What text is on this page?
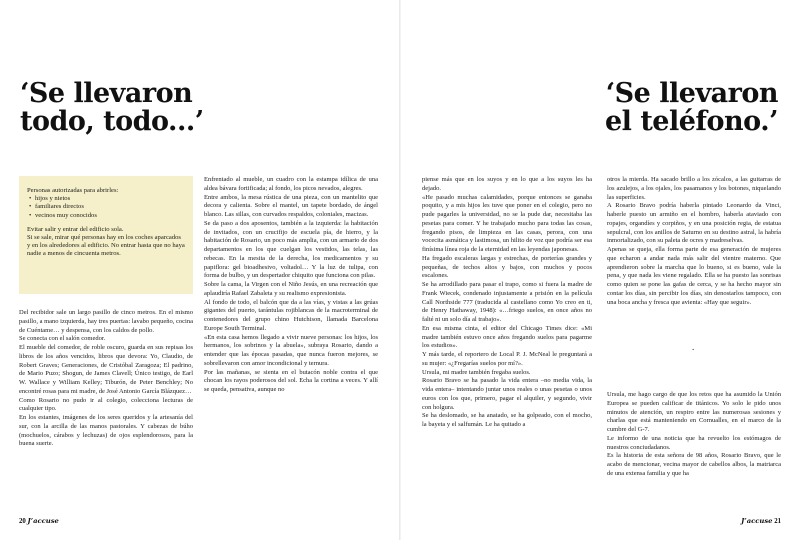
‘Se llevaron
todo, todo...’
‘Se llevaron
el teléfono.’

Personas autorizadas para abrirles:

• hijos y nietos
• familiares directos
• vecinos muy conocidos

Evitar salir y entrar del edificio sola.

Si se sale, mirar qué personas hay en los coches aparcados y en los alrededores al edificio. No entrar hasta que no haya nadie a menos de cincuenta metros.

Del recibidor sale un largo pasillo de cinco metros. En el mismo pasillo, a mano izquierda, hay tres puertas: lavabo pequeño, cocina de Cuéntame… y despensa, con los caldos de pollo.

Se conecta con el salón comedor.

El mueble del comedor, de roble oscuro, guarda en sus repisas los libros de los años vencidos, libros que devora: Yo, Claudio, de Robert Graves; Generaciones, de Cristóbal Zaragoza; El padrino, de Mario Puzo; Shogun, de James Clavell; Único testigo, de Earl W. Wallace y William Kelley; Tiburón, de Peter Benchley; No encontré rosas para mi madre, de José Antonio García Blázquez…

Como Rosario no pudo ir al colegio, colecciona lecturas de cualquier tipo.

En los estantes, imágenes de los seres queridos y la artesanía del sur, con la arcilla de las manos pastorales. Y cabezas de búho (mochuelos, cárabos y lechuzas) de ojos esplendorosos, para la buena suerte.

Enfrentado al mueble, un cuadro con la estampa idílica de una aldea bávara fortificada; al fondo, los picos nevados, alegres.

Entre ambos, la mesa rústica de una pieza, con un mantelito que decora y calienta. Sobre el mantel, un tapete bordado, de ángel blanco. Las sillas, con curvados respaldos, coloniales, macizas.

Se da paso a dos aposentos, también a la izquierda: la habitación de invitados, con un crucifijo de escuela pía, de hierro, y la habitación de Rosario, un poco más amplia, con un armario de dos departamentos en los que cuelgan los vestidos, las telas, las rebecas. En la mesita de la derecha, los medicamentos y su papiflora: gel bioadhesivo, voltadol… Y la luz de tulipa, con forma de bulbo, y un despertador chiquito que funciona con pilas.

Sobre la cama, la Virgen con el Niño Jesús, en una recreación que aplaudiría Rafael Zabaleta y su realismo expresionista.

Al fondo de todo, el balcón que da a las vías, y vistas a las grúas gigantes del puerto, tarántulas rojiblancas de la macroterminal de contenedores del grupo chino Hutchison, llamada Barcelona Europe South Terminal.

«En esta casa hemos llegado a vivir nueve personas: los hijos, los hermanos, los sobrinos y la abuela», subraya Rosario, dando a entender que las épocas pasadas, que nunca fueron mejores, se sobrellevaron con amor incondicional y ternura.

Por las mañanas, se sienta en el butacón noble contra el que chocan los rayos poderosos del sol. Echa la cortina a veces. Y allí se queda, pensativa, aunque no

piense más que en los suyos y en lo que a los suyos les ha dejado.

«He pasado muchas calamidades, porque entonces se ganaba poquito, y a mis hijos les tuve que poner en el colegio, pero no pude pagarles la universidad, no se la pude dar, necesitaba las pesetas para comer. Y he trabajado mucho para todas las cosas, fregando pisos, de limpieza en las casas, perora, con una vocecita asmática y lastimosa, un hilito de voz que podría ser esa finísima línea roja de la eternidad en las leyendas japonesas.

Ha fregado escaleras largas y estrechas, de porterías grandes y pequeñas, de techos altos y bajos, con muchos y pocos escalones.

Se ha arrodillado para pasar el trapo, como si fuera la madre de Frank Wiecek, condenado injustamente a prisión en la película Call Northside 777 (traducida al castellano como Yo creo en ti, de Henry Hathaway, 1948): «…friego suelos, en once años no falté ni un solo día al trabajo».

En esa misma cinta, el editor del Chicago Times dice: «Mi madre también estuvo once años fregando suelos para pagarme los estudios».

Y más tarde, el reportero de Local P. J. McNeal le preguntará a su mujer: «¿Fregarías suelos por mí?».

Ursula, mi madre también fregaba suelos.

Rosario Bravo se ha pasado la vida entera –no media vida, la vida entera– intentando juntar unos reales o unas pesetas o unos euros con los que, primero, pagar el alquiler, y segundo, vivir con holgura.

Se ha deslomado, se ha anatado, se ha golpeado, con el mocho, la bayeta y el salfumán. Le ha quitado a

otros la mierda. Ha sacado brillo a los zócalos, a las guitarras de los azulejos, a los ojales, los pasamanos y los botones, niquelando las superficies.

A Rosario Bravo podría haberla pintado Leonardo da Vinci, haberle puesto un armiño en el hombro, haberla ataviado con ropajes, organdíes y corpiños, y en una posición regia, de estatua sepulcral, con los anillos de Saturno en su destino astral, la habría inmortalizado, con su paleta de ocres y madreselvas.

Apenas se queja, ella forma parte de esa generación de mujeres que echaron a andar nada más salir del vientre materno. Que aprendieron sobre la marcha que lo bueno, si es bueno, vale la pena, y que nada les viene regalado. Ella se ha puesto las sonrisas como quien se pone las gafas de cerca, y se ha hecho mayor sin contar los días, sin percibir los días, sin denostarlos tampoco, con una boca ancha y fresca que avienta: «Hay que seguir».

.

Ursula, me hago cargo de que los retos que ha asumido la Unión Europea se pueden calificar de titánicos. Yo solo le pido unos minutos de atención, un respiro entre las numerosas sesiones y charlas que está manteniendo en Cornualles, en el marco de la cumbre del G-7.

Le informo de una noticia que ha revuelto los estómagos de nuestros conciudadanos.

Es la historia de esta señora de 98 años, Rosario Bravo, que le acabo de mencionar, vecina mayor de cabellos albos, la matriarca de una extensa familia y que ha

20 J’accuse	J’accuse 21
